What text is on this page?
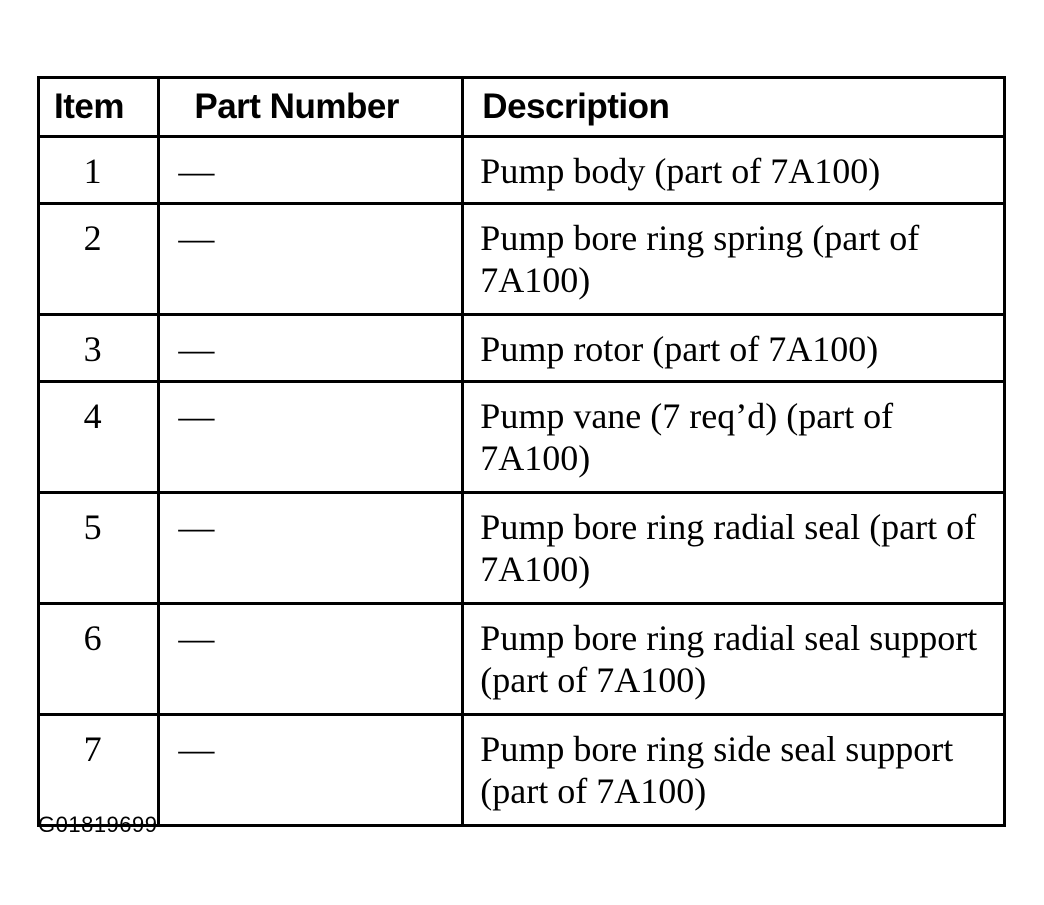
Item	Part Number	Description
1	—	Pump body (part of 7A100)
2	—	Pump bore ring spring (part of 7A100)
3	—	Pump rotor (part of 7A100)
4	—	Pump vane (7 req’d) (part of 7A100)
5	—	Pump bore ring radial seal (part of 7A100)
6	—	Pump bore ring radial seal support (part of 7A100)
7	—	Pump bore ring side seal support (part of 7A100)
G01819699
